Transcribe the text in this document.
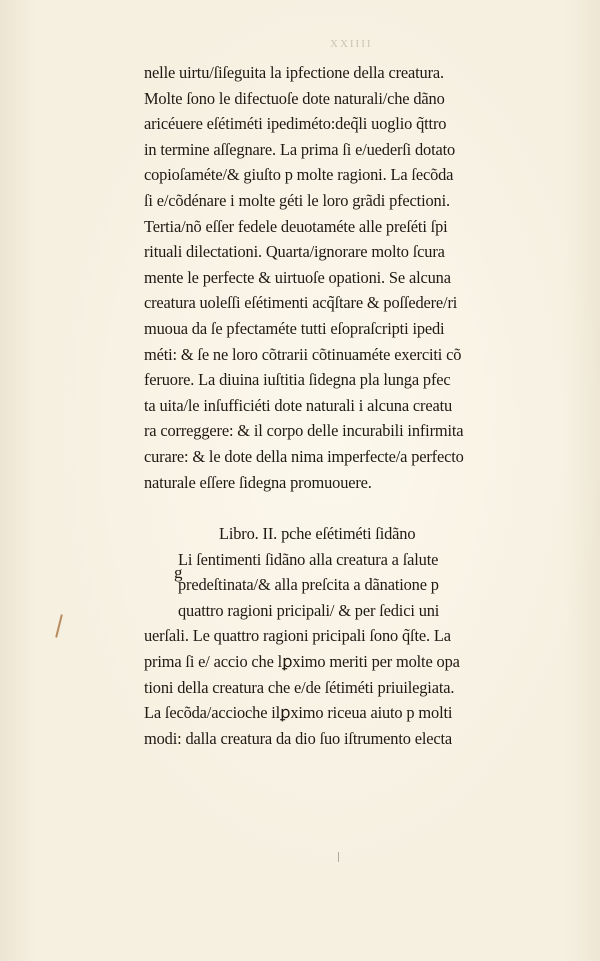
XXIIII
nelle uirtu/ſiſeguita la ipfectione della creatura.
Molte ſono le difectuoſe dote naturali/che dãno
aricéuere eſétiméti ipediméto:deq̃li uoglio q̃ttro
in termine aſſegnare. La prima ſi e/uederſi dotato
copioſaméte/& giuſto p molte ragioni. La ſecõda
ſi e/cõdénare i molte géti le loro grãdi pfectioni.
Tertia/nõ eſſer fedele deuotaméte alle preſéti ſpi
rituali dilectationi. Quarta/ignorare molto ſcura
mente le perfecte & uirtuoſe opationi. Se alcuna
creatura uoleſſi eſétimenti acq̃ſtare & poſſedere/ri
muoua da ſe pfectaméte tutti eſopraſcripti ipedi
méti: & ſe ne loro cõtrarii cõtinuaméte exerciti cõ
feruore. La diuina iuſtitia ſidegna pla lunga pfec
ta uita/le inſufficiéti dote naturali i alcuna creatu
ra correggere: & il corpo delle incurabili infirmita
curare: & le dote della nima imperfecte/a perfecto
naturale eſſere ſidegna promuouere.
Libro. II. pche eſétiméti ſidãno
Li ſentimenti ſidãno alla creatura a ſalute
predeſtinata/& alla preſcita a dãnatione p
quattro ragioni pricipali/ & per ſedici uni
uerſali. Le quattro ragioni pricipali ſono q̃ſte. La
prima ſi e/ accio che lꝑximo meriti per molte opa
tioni della creatura che e/de ſétiméti priuilegiata.
La ſecõda/accioche ilꝑximo riceua aiuto p molti
modi: dalla creatura da dio ſuo iſtrumento electa
g
